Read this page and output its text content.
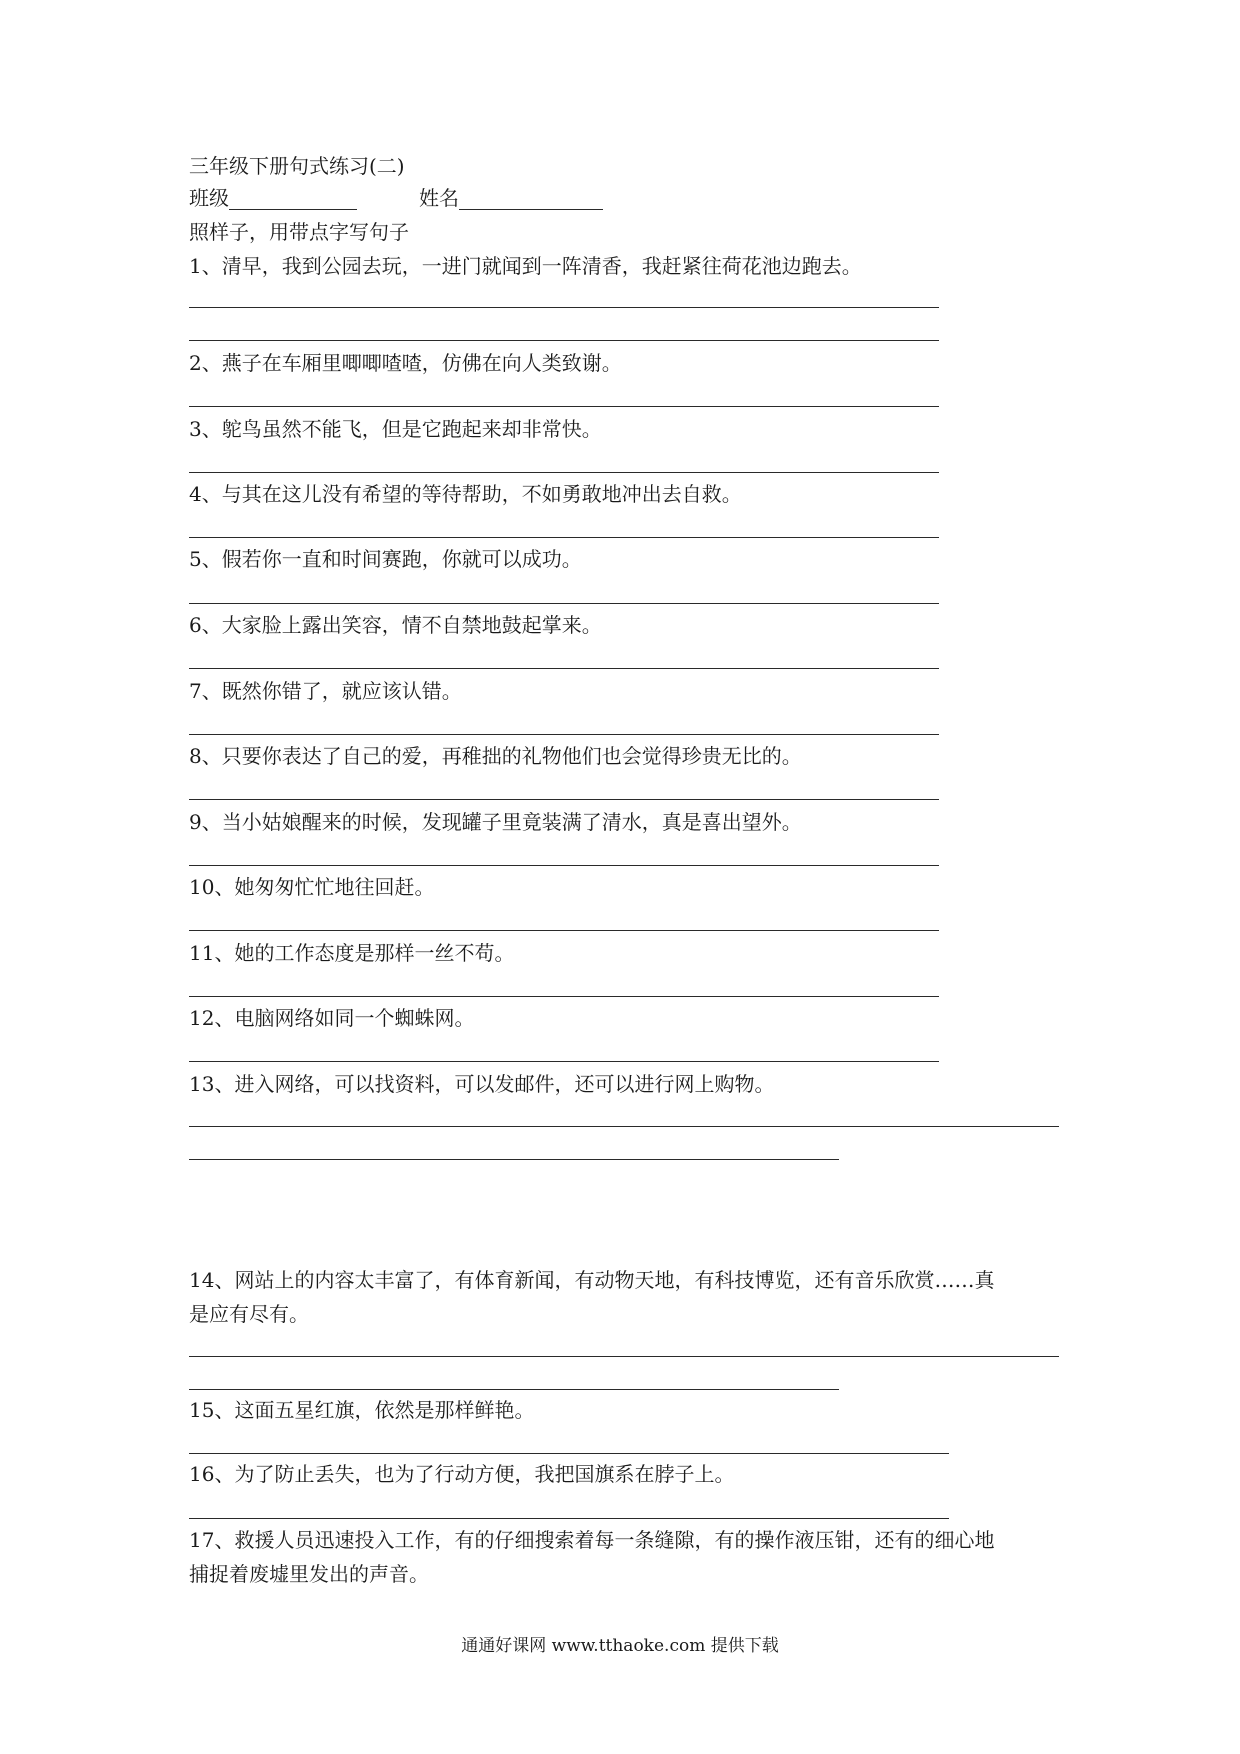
三年级下册句式练习(二)
班级	姓名
照样子，用带点字写句子
1、清早，我到公园去玩，一进门就闻到一阵清香，我赶紧往荷花池边跑去。
2、燕子在车厢里唧唧喳喳，仿佛在向人类致谢。
3、鸵鸟虽然不能飞，但是它跑起来却非常快。
4、与其在这儿没有希望的等待帮助，不如勇敢地冲出去自救。
5、假若你一直和时间赛跑，你就可以成功。
6、大家脸上露出笑容，情不自禁地鼓起掌来。
7、既然你错了，就应该认错。
8、只要你表达了自己的爱，再稚拙的礼物他们也会觉得珍贵无比的。
9、当小姑娘醒来的时候，发现罐子里竟装满了清水，真是喜出望外。
10、她匆匆忙忙地往回赶。
11、她的工作态度是那样一丝不苟。
12、电脑网络如同一个蜘蛛网。
13、进入网络，可以找资料，可以发邮件，还可以进行网上购物。
14、网站上的内容太丰富了，有体育新闻，有动物天地，有科技博览，还有音乐欣赏……真
是应有尽有。
15、这面五星红旗，依然是那样鲜艳。
16、为了防止丢失，也为了行动方便，我把国旗系在脖子上。
17、救援人员迅速投入工作，有的仔细搜索着每一条缝隙，有的操作液压钳，还有的细心地
捕捉着废墟里发出的声音。
通通好课网 www.tthaoke.com 提供下载
